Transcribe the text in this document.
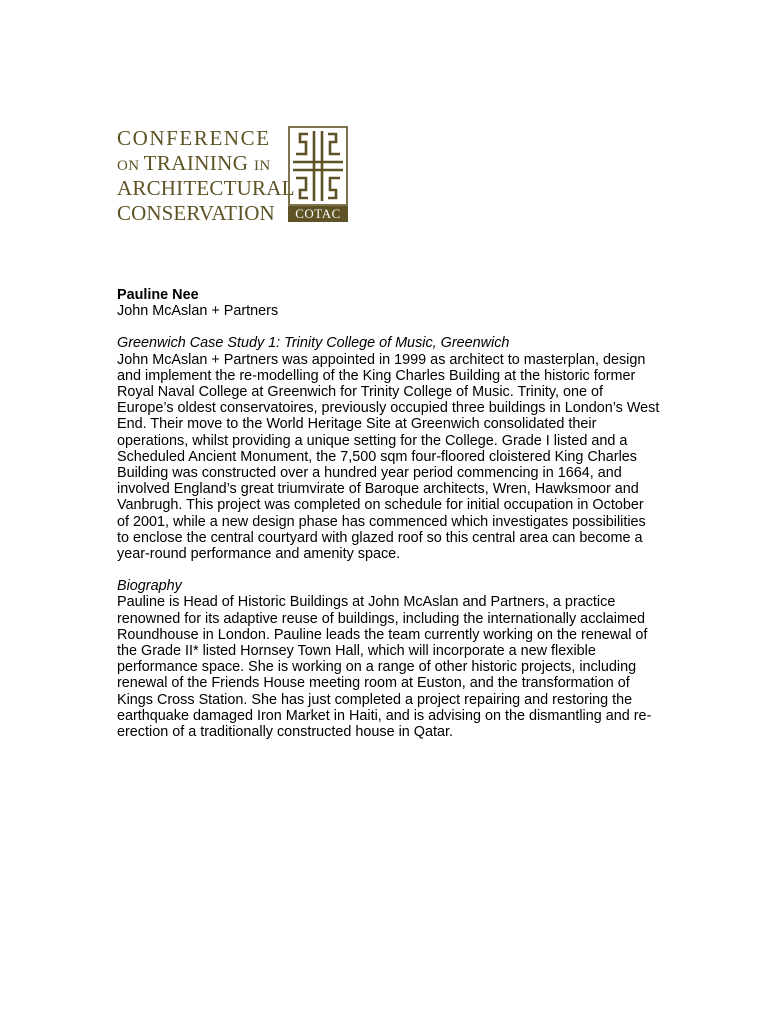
CONFERENCE
ON TRAINING IN
ARCHITECTURAL
CONSERVATION	COTAC

Pauline Nee

John McAslan + Partners

Greenwich Case Study 1: Trinity College of Music, Greenwich

John McAslan + Partners was appointed in 1999 as architect to masterplan, design
and implement the re-modelling of the King Charles Building at the historic former
Royal Naval College at Greenwich for Trinity College of Music. Trinity, one of
Europe’s oldest conservatoires, previously occupied three buildings in London’s West
End. Their move to the World Heritage Site at Greenwich consolidated their
operations, whilst providing a unique setting for the College. Grade I listed and a
Scheduled Ancient Monument, the 7,500 sqm four-floored cloistered King Charles
Building was constructed over a hundred year period commencing in 1664, and
involved England’s great triumvirate of Baroque architects, Wren, Hawksmoor and
Vanbrugh. This project was completed on schedule for initial occupation in October
of 2001, while a new design phase has commenced which investigates possibilities
to enclose the central courtyard with glazed roof so this central area can become a
year-round performance and amenity space.

Biography

Pauline is Head of Historic Buildings at John McAslan and Partners, a practice
renowned for its adaptive reuse of buildings, including the internationally acclaimed
Roundhouse in London. Pauline leads the team currently working on the renewal of
the Grade II* listed Hornsey Town Hall, which will incorporate a new flexible
performance space. She is working on a range of other historic projects, including
renewal of the Friends House meeting room at Euston, and the transformation of
Kings Cross Station. She has just completed a project repairing and restoring the
earthquake damaged Iron Market in Haiti, and is advising on the dismantling and re-
erection of a traditionally constructed house in Qatar.
